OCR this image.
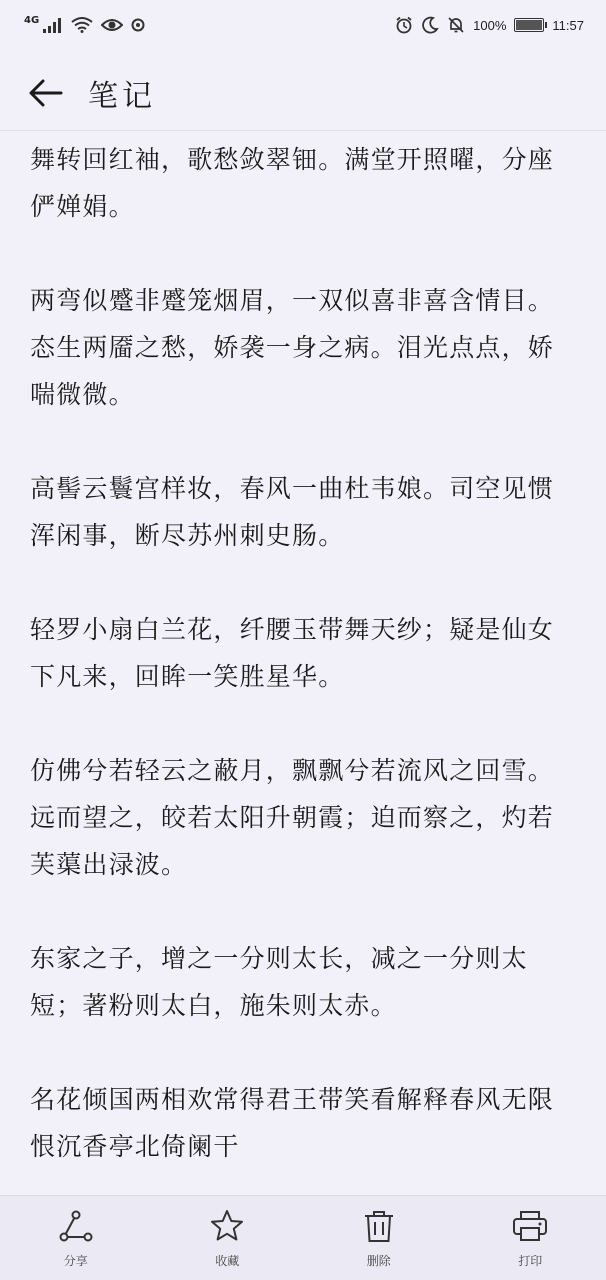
4G	100%	11:57
笔记

舞转回红袖，歌愁敛翠钿。满堂开照曜，分座俨婵娟。

两弯似蹙非蹙笼烟眉，一双似喜非喜含情目。态生两靥之愁，娇袭一身之病。泪光点点，娇喘微微。

高髻云鬟宫样妆，春风一曲杜韦娘。司空见惯浑闲事，断尽苏州刺史肠。

轻罗小扇白兰花，纤腰玉带舞天纱；疑是仙女下凡来，回眸一笑胜星华。

仿佛兮若轻云之蔽月，飘飘兮若流风之回雪。远而望之，皎若太阳升朝霞；迫而察之，灼若芙蕖出渌波。

东家之子，增之一分则太长，减之一分则太短；著粉则太白，施朱则太赤。

名花倾国两相欢常得君王带笑看解释春风无限恨沉香亭北倚阑干

分享	收藏	删除	打印
